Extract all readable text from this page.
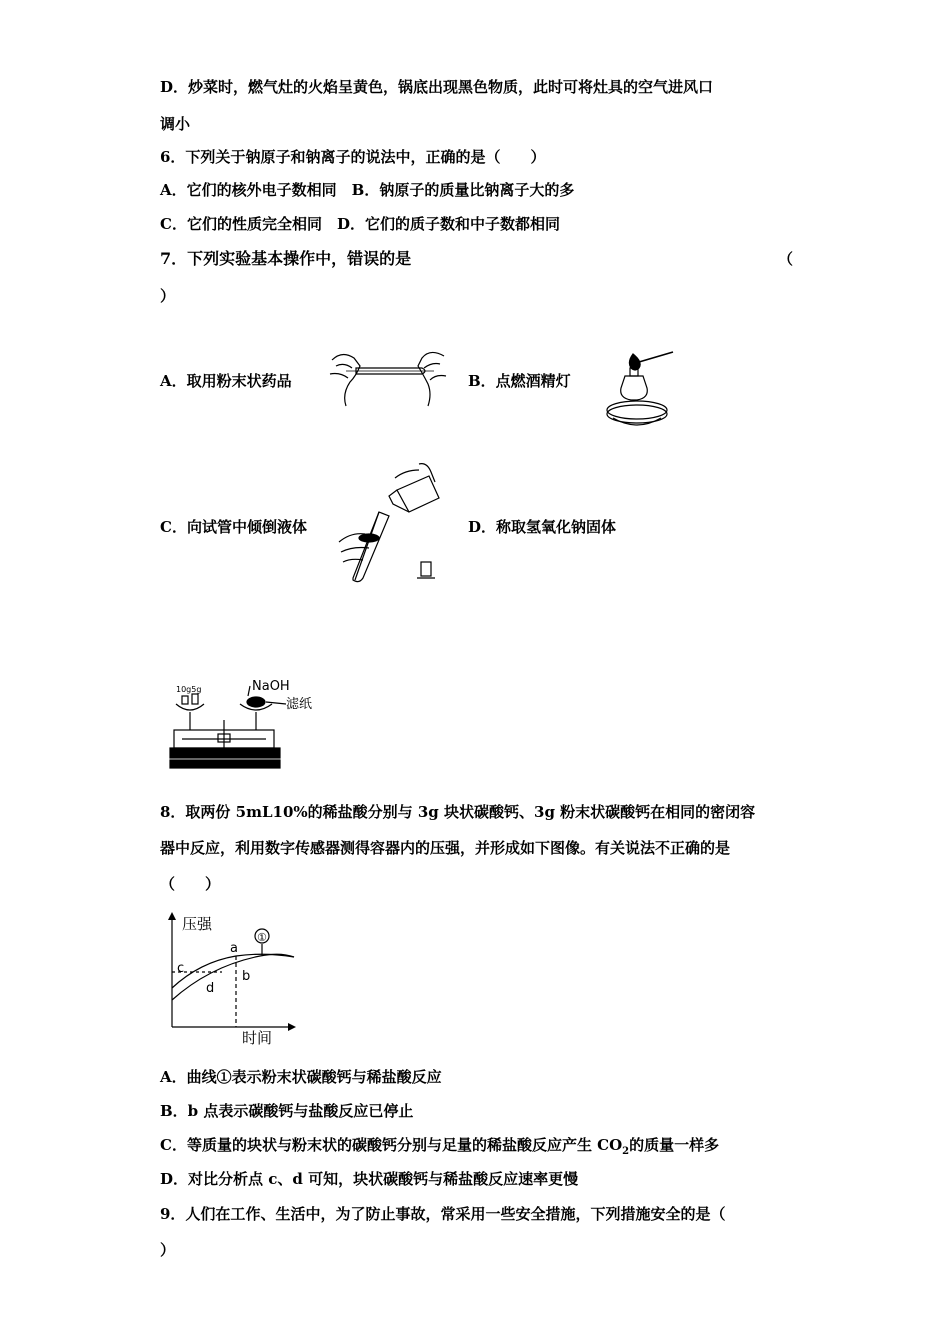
D．炒菜时，燃气灶的火焰呈黄色，锅底出现黑色物质，此时可将灶具的空气进风口
调小
6．下列关于钠原子和钠离子的说法中，正确的是（　　）
A．它们的核外电子数相同　B．钠原子的质量比钠离子大的多
C．它们的性质完全相同　D．它们的质子数和中子数都相同
7．下列实验基本操作中，错误的是	（
）
A．取用粉末状药品	B．点燃酒精灯
C．向试管中倾倒液体	D．称取氢氧化钠固体
10g5g	NaOH
滤纸
8．取两份 5mL10%的稀盐酸分别与 3g 块状碳酸钙、3g 粉末状碳酸钙在相同的密闭容
器中反应，利用数字传感器测得容器内的压强，并形成如下图像。有关说法不正确的是
（　　）
压强
时间
①
a
b
c
d
A．曲线①表示粉末状碳酸钙与稀盐酸反应
B．b 点表示碳酸钙与盐酸反应已停止
C．等质量的块状与粉末状的碳酸钙分别与足量的稀盐酸反应产生 $CO_2$的质量一样多
D．对比分析点 c、d 可知，块状碳酸钙与稀盐酸反应速率更慢
9．人们在工作、生活中，为了防止事故，常采用一些安全措施，下列措施安全的是（
）
